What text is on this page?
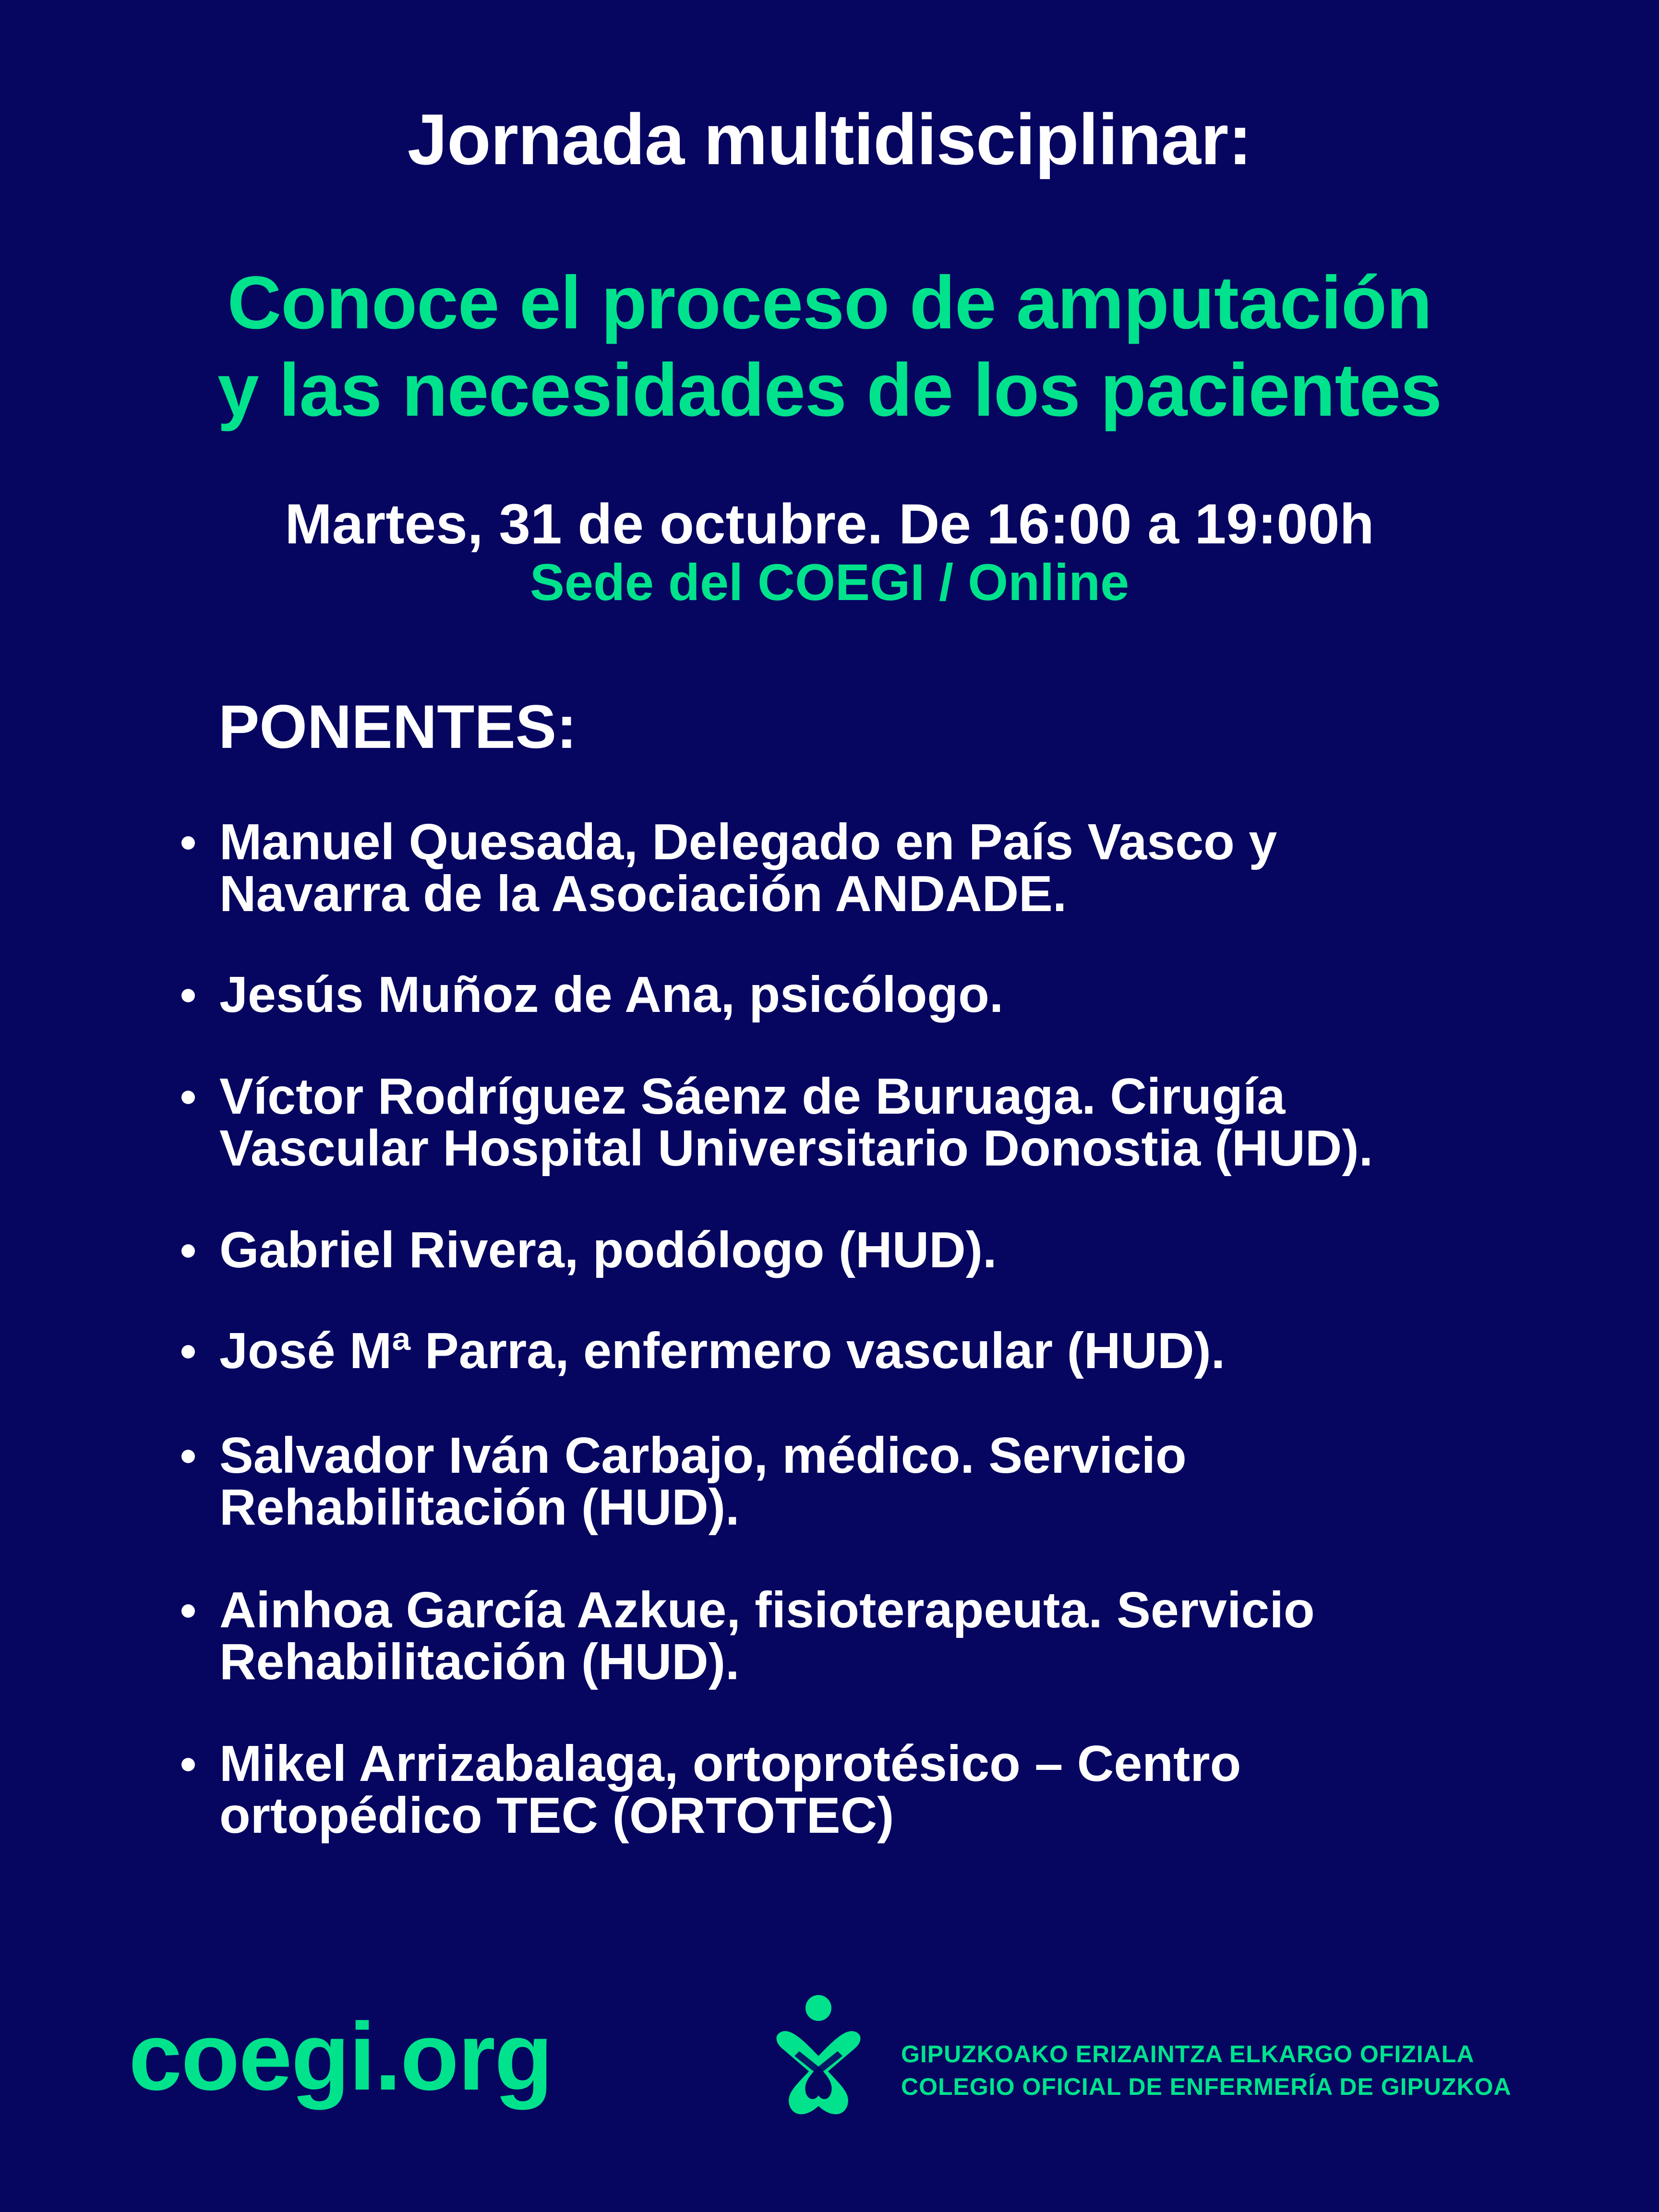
Jornada multidisciplinar:
Conoce el proceso de amputación
y las necesidades de los pacientes
Martes, 31 de octubre. De 16:00 a 19:00h
Sede del COEGI / Online
PONENTES:
Manuel Quesada, Delegado en País Vasco y
Navarra de la Asociación ANDADE.
Jesús Muñoz de Ana, psicólogo.
Víctor Rodríguez Sáenz de Buruaga. Cirugía
Vascular Hospital Universitario Donostia (HUD).
Gabriel Rivera, podólogo (HUD).
José Mª Parra, enfermero vascular (HUD).
Salvador Iván Carbajo, médico. Servicio
Rehabilitación (HUD).
Ainhoa García Azkue, fisioterapeuta. Servicio
Rehabilitación (HUD).
Mikel Arrizabalaga, ortoprotésico – Centro
ortopédico TEC (ORTOTEC)
coegi.org	GIPUZKOAKO ERIZAINTZA ELKARGO OFIZIALA
COLEGIO OFICIAL DE ENFERMERÍA DE GIPUZKOA
